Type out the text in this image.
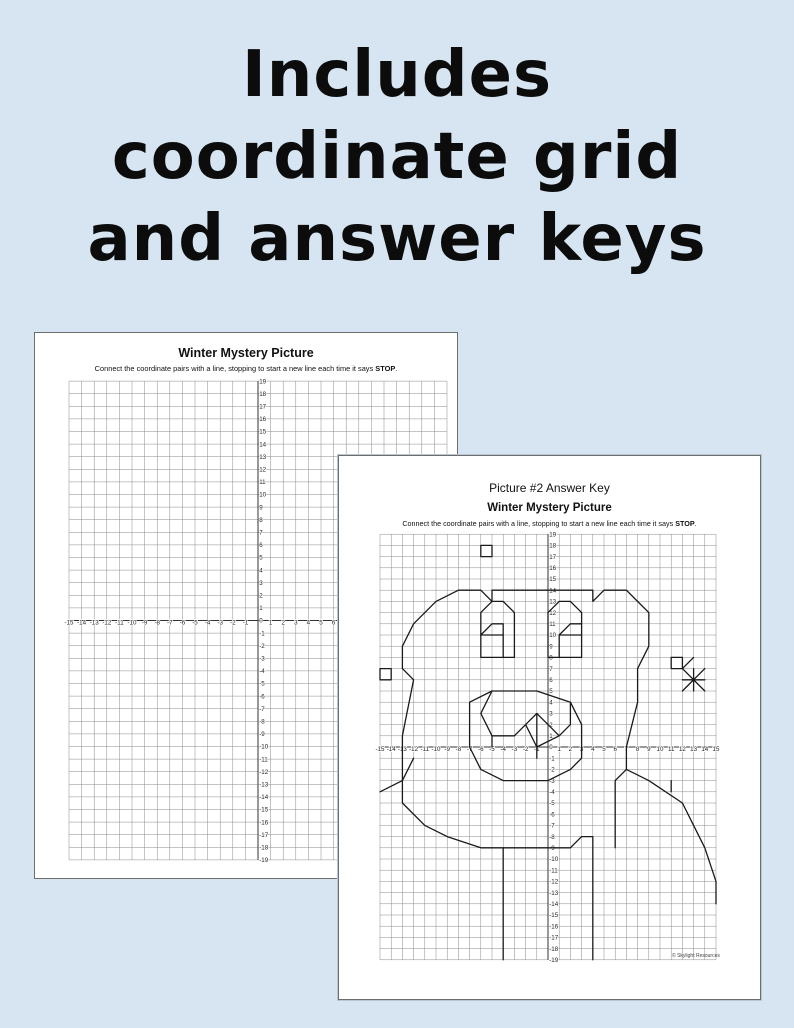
Includes
coordinate grid
and answer keys
Winter Mystery Picture
Connect the coordinate pairs with a line, stopping to start a new line each time it says STOP.
-15 -14 -13 -12 -11 -10 -9 -8 -7 -6 -5 -4 -3 -2 -1	1 2 3 4 5 6
-19
-18
-17
-16
-15
-14
-13
-12
-11
-10
-9
-8
-7
-6
-5
-4
-3
-2
-1
0
1
2
3
4
5
6
7
8
9
10
11
12
13
14
15
16
17
18
19
Picture #2 Answer Key
Winter Mystery Picture
Connect the coordinate pairs with a line, stopping to start a new line each time it says STOP.
-15 -14 -13 -12 -11 -10 -9 -8 -7 -6 -5 -4 -3 -2 -1	1 2 3 4 5 6 7 8 9 10 11 12 13 14 15
-19
-18
-17
-16
-15
-14
-13
-12
-11
-10
-9
-8
-7
-6
-5
-4
-3
-2
-1
0
1
2
3
4
5
6
7
8
9
10
11
12
13
14
15
16
17
18
19
© Skylight Resources
